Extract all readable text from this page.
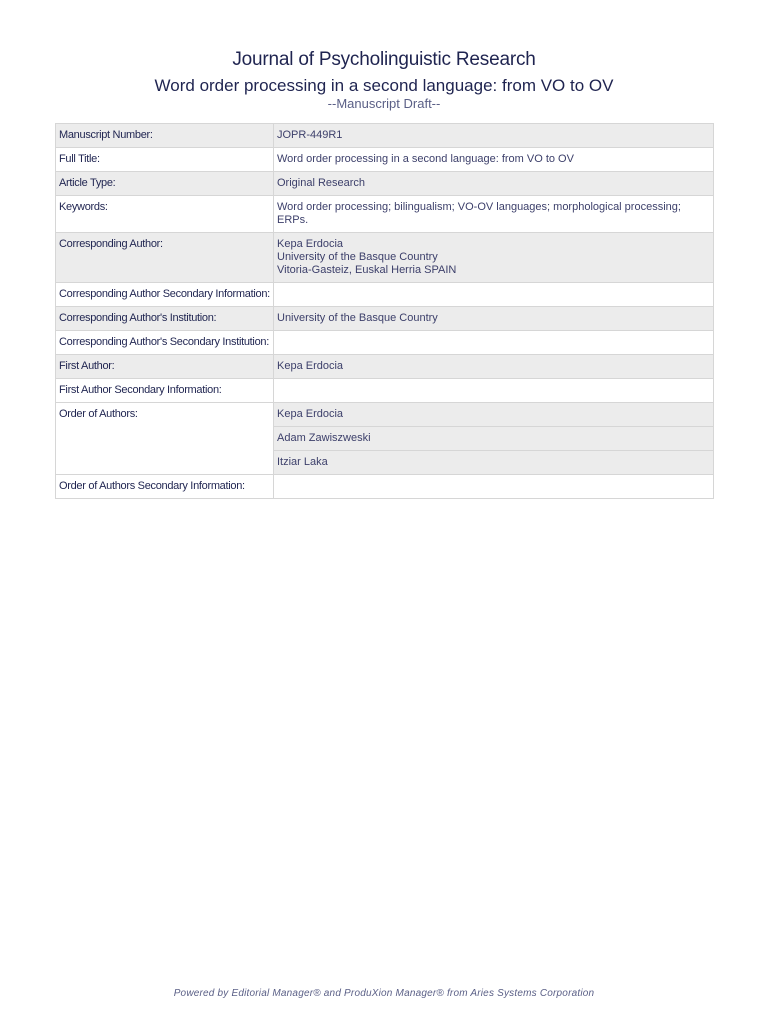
Journal of Psycholinguistic Research
Word order processing in a second language: from VO to OV
--Manuscript Draft--
Manuscript Number:	JOPR-449R1
Full Title:	Word order processing in a second language: from VO to OV
Article Type:	Original Research
Keywords:	Word order processing; bilingualism; VO-OV languages; morphological processing; ERPs.
Corresponding Author:	Kepa Erdocia
University of the Basque Country
Vitoria-Gasteiz, Euskal Herria SPAIN

Corresponding Author Secondary Information:	
Corresponding Author's Institution:	University of the Basque Country
Corresponding Author's Secondary Institution:	
First Author:	Kepa Erdocia
First Author Secondary Information:	
Order of Authors:	Kepa Erdocia
	Adam Zawiszweski
	Itziar Laka
Order of Authors Secondary Information:	
Powered by Editorial Manager® and ProduXion Manager® from Aries Systems Corporation
